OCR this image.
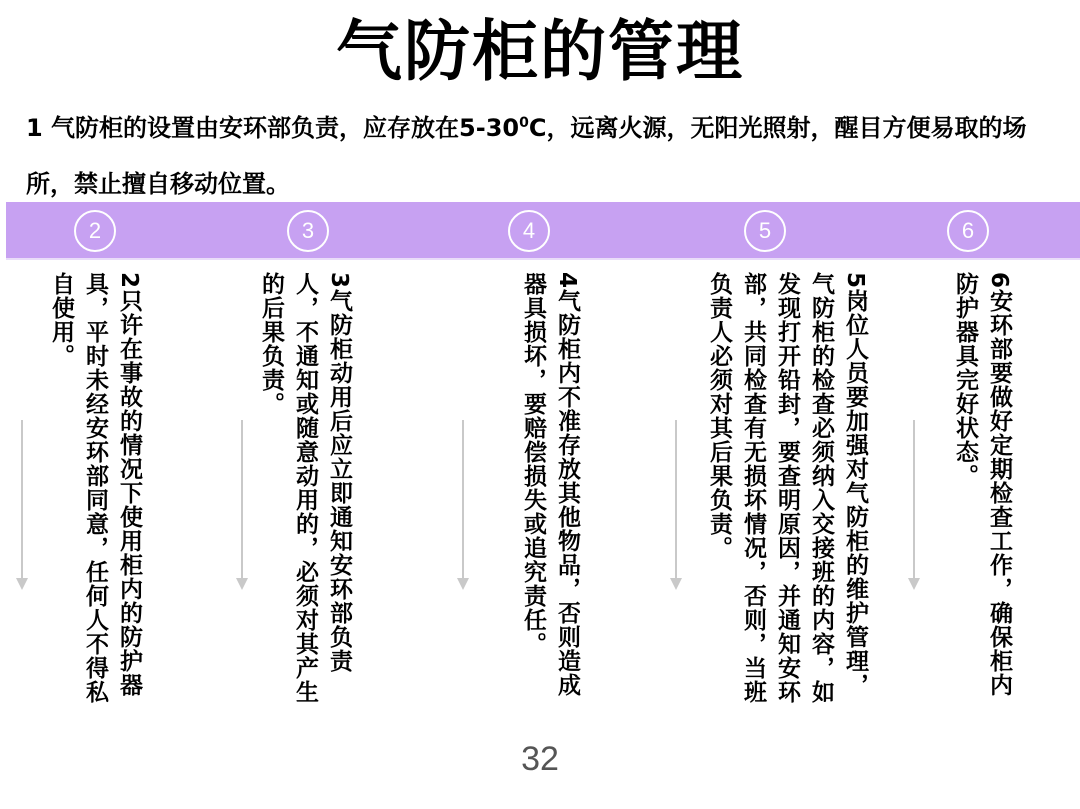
气防柜的管理
1 气防柜的设置由安环部负责，应存放在$5-30^0C$，远离火源，无阳光照射，醒目方便易取的场所，禁止擅自移动位置。
2	3	4	5	6
2只许在事故的情况下使用柜内的防护器具，平时未经安环部同意，任何人不得私自使用。	3气防柜动用后应立即通知安环部负责人，不通知或随意动用的，必须对其产生的后果负责。	4气防柜内不准存放其他物品，否则造成器具损坏，要赔偿损失或追究责任。	5岗位人员要加强对气防柜的维护管理，气防柜的检查必须纳入交接班的内容，如发现打开铅封，要查明原因，并通知安环部，共同检查有无损坏情况，否则，当班负责人必须对其后果负责。	6安环部要做好定期检查工作，确保柜内防护器具完好状态。
32
